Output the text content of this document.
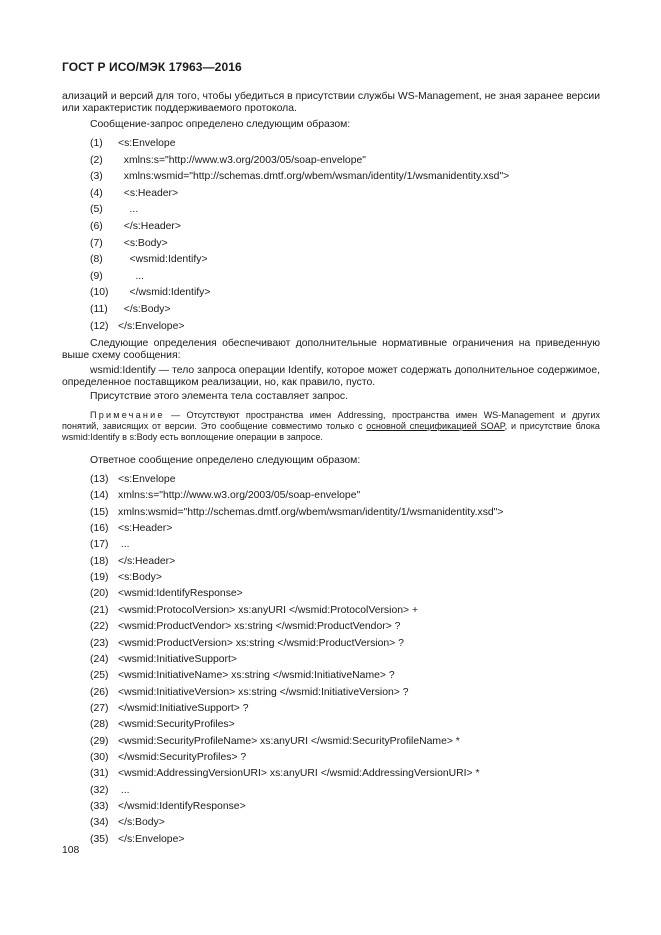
ГОСТ Р ИСО/МЭК 17963—2016
ализаций и версий для того, чтобы убедиться в присутствии службы WS-Management, не зная заранее версии или характеристик поддерживаемого протокола.
Сообщение-запрос определено следующим образом:
(1) <s:Envelope
(2)  xmlns:s="http://www.w3.org/2003/05/soap-envelope"
(3)  xmlns:wsmid="http://schemas.dmtf.org/wbem/wsman/identity/1/wsmanidentity.xsd">
(4)  <s:Header>
(5)    ...
(6)  </s:Header>
(7)  <s:Body>
(8)    <wsmid:Identify>
(9)      ...
(10)    </wsmid:Identify>
(11)  </s:Body>
(12) </s:Envelope>
Следующие определения обеспечивают дополнительные нормативные ограничения на приведенную выше схему сообщения:
wsmid:Identify — тело запроса операции Identify, которое может содержать дополнительное содержимое, определенное поставщиком реализации, но, как правило, пусто.
Присутствие этого элемента тела составляет запрос.
Примечание — Отсутствуют пространства имен Addressing, пространства имен WS-Management и других понятий, зависящих от версии. Это сообщение совместимо только с основной спецификацией SOAP, и присутствие блока wsmid:Identify в s:Body есть воплощение операции в запросе.
Ответное сообщение определено следующим образом:
(13) <s:Envelope
(14) xmlns:s="http://www.w3.org/2003/05/soap-envelope"
(15) xmlns:wsmid="http://schemas.dmtf.org/wbem/wsman/identity/1/wsmanidentity.xsd">
(16) <s:Header>
(17) ...
(18) </s:Header>
(19) <s:Body>
(20) <wsmid:IdentifyResponse>
(21) <wsmid:ProtocolVersion> xs:anyURI </wsmid:ProtocolVersion> +
(22) <wsmid:ProductVendor> xs:string </wsmid:ProductVendor> ?
(23) <wsmid:ProductVersion> xs:string </wsmid:ProductVersion> ?
(24) <wsmid:InitiativeSupport>
(25) <wsmid:InitiativeName> xs:string </wsmid:InitiativeName> ?
(26) <wsmid:InitiativeVersion> xs:string </wsmid:InitiativeVersion> ?
(27) </wsmid:InitiativeSupport> ?
(28) <wsmid:SecurityProfiles>
(29) <wsmid:SecurityProfileName> xs:anyURI </wsmid:SecurityProfileName> *
(30) </wsmid:SecurityProfiles> ?
(31) <wsmid:AddressingVersionURI> xs:anyURI </wsmid:AddressingVersionURI> *
(32) ...
(33) </wsmid:IdentifyResponse>
(34) </s:Body>
(35) </s:Envelope>
108
